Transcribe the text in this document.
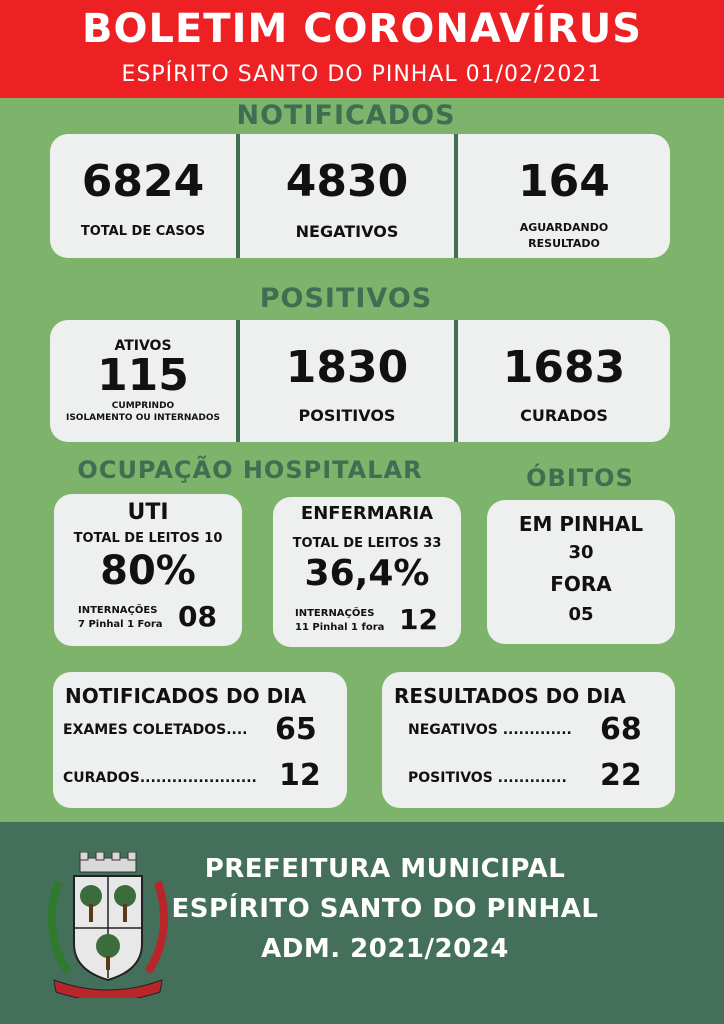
BOLETIM CORONAVÍRUS
ESPÍRITO SANTO DO PINHAL 01/02/2021
NOTIFICADOS
6824
TOTAL DE CASOS
4830
NEGATIVOS
164
AGUARDANDO
RESULTADO
POSITIVOS
ATIVOS
115
CUMPRINDO
ISOLAMENTO OU INTERNADOS
1830
POSITIVOS
1683
CURADOS
OCUPAÇÃO HOSPITALAR	ÓBITOS
UTI
TOTAL DE LEITOS 10
80%
INTERNAÇÕES
7 Pinhal 1 Fora 08
ENFERMARIA
TOTAL DE LEITOS 33
36,4%
INTERNAÇÕES
11 Pinhal 1 fora 12
EM PINHAL
30
FORA
05
NOTIFICADOS DO DIA
EXAMES COLETADOS.... 65
CURADOS...................... 12
RESULTADOS DO DIA
NEGATIVOS ............. 68
POSITIVOS ............. 22
PREFEITURA MUNICIPAL
ESPÍRITO SANTO DO PINHAL
ADM. 2021/2024
